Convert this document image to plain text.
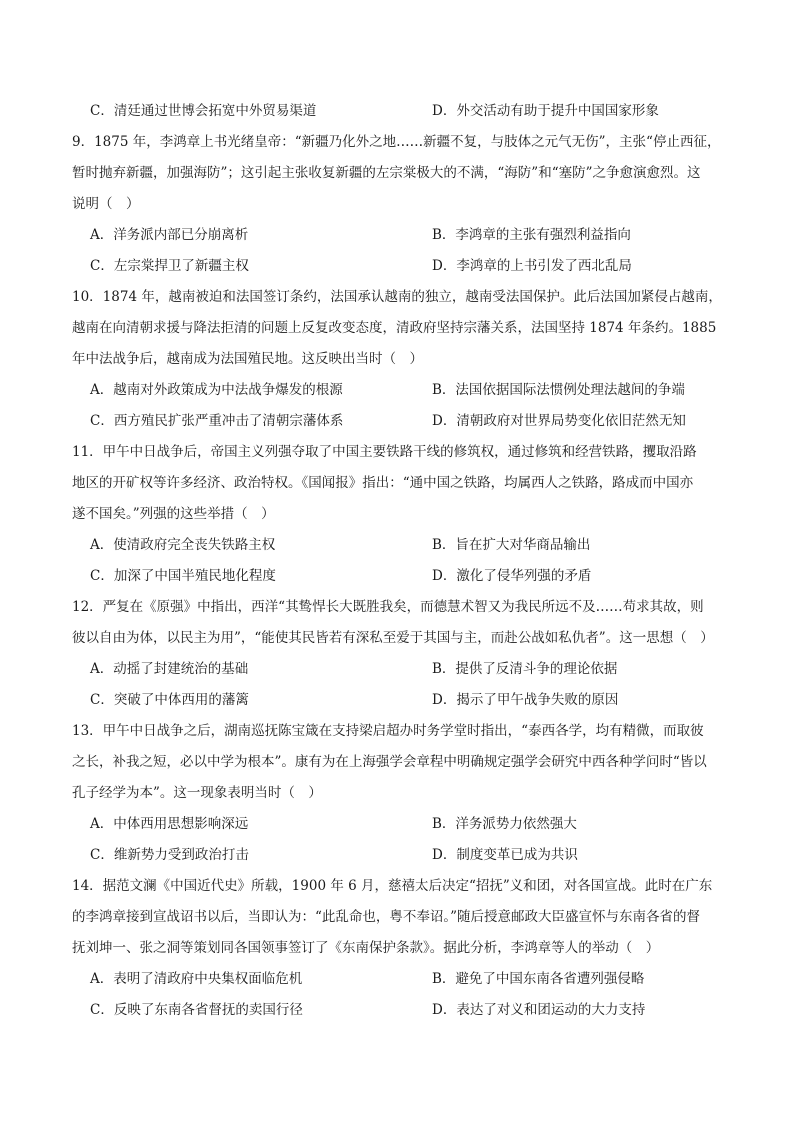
C．清廷通过世博会拓宽中外贸易渠道	D．外交活动有助于提升中国国家形象
9．1875 年，李鸿章上书光绪皇帝：“新疆乃化外之地……新疆不复，与肢体之元气无伤”，主张“停止西征，
暂时抛弃新疆，加强海防”；这引起主张收复新疆的左宗棠极大的不满，“海防”和“塞防”之争愈演愈烈。这
说明（　）
A．洋务派内部已分崩离析	B．李鸿章的主张有强烈利益指向
C．左宗棠捍卫了新疆主权	D．李鸿章的上书引发了西北乱局
10．1874 年，越南被迫和法国签订条约，法国承认越南的独立，越南受法国保护。此后法国加紧侵占越南，
越南在向清朝求援与降法拒清的问题上反复改变态度，清政府坚持宗藩关系，法国坚持 1874 年条约。1885
年中法战争后，越南成为法国殖民地。这反映出当时（　）
A．越南对外政策成为中法战争爆发的根源	B．法国依据国际法惯例处理法越间的争端
C．西方殖民扩张严重冲击了清朝宗藩体系	D．清朝政府对世界局势变化依旧茫然无知
11．甲午中日战争后，帝国主义列强夺取了中国主要铁路干线的修筑权，通过修筑和经营铁路，攫取沿路
地区的开矿权等许多经济、政治特权。《国闻报》指出：“通中国之铁路，均属西人之铁路，路成而中国亦
遂不国矣。”列强的这些举措（　）
A．使清政府完全丧失铁路主权	B．旨在扩大对华商品输出
C．加深了中国半殖民地化程度	D．激化了侵华列强的矛盾
12．严复在《原强》中指出，西洋“其鸷悍长大既胜我矣，而德慧术智又为我民所远不及……苟求其故，则
彼以自由为体，以民主为用”，“能使其民皆若有深私至爱于其国与主，而赴公战如私仇者”。这一思想（　）
A．动摇了封建统治的基础	B．提供了反清斗争的理论依据
C．突破了中体西用的藩篱	D．揭示了甲午战争失败的原因
13．甲午中日战争之后，湖南巡抚陈宝箴在支持梁启超办时务学堂时指出，“泰西各学，均有精微，而取彼
之长，补我之短，必以中学为根本”。康有为在上海强学会章程中明确规定强学会研究中西各种学问时“皆以
孔子经学为本”。这一现象表明当时（　）
A．中体西用思想影响深远	B．洋务派势力依然强大
C．维新势力受到政治打击	D．制度变革已成为共识
14．据范文澜《中国近代史》所载，1900 年 6 月，慈禧太后决定“招抚”义和团，对各国宣战。此时在广东
的李鸿章接到宣战诏书以后，当即认为：“此乱命也，粤不奉诏。”随后授意邮政大臣盛宣怀与东南各省的督
抚刘坤一、张之洞等策划同各国领事签订了《东南保护条款》。据此分析，李鸿章等人的举动（　）
A．表明了清政府中央集权面临危机	B．避免了中国东南各省遭列强侵略
C．反映了东南各省督抚的卖国行径	D．表达了对义和团运动的大力支持
